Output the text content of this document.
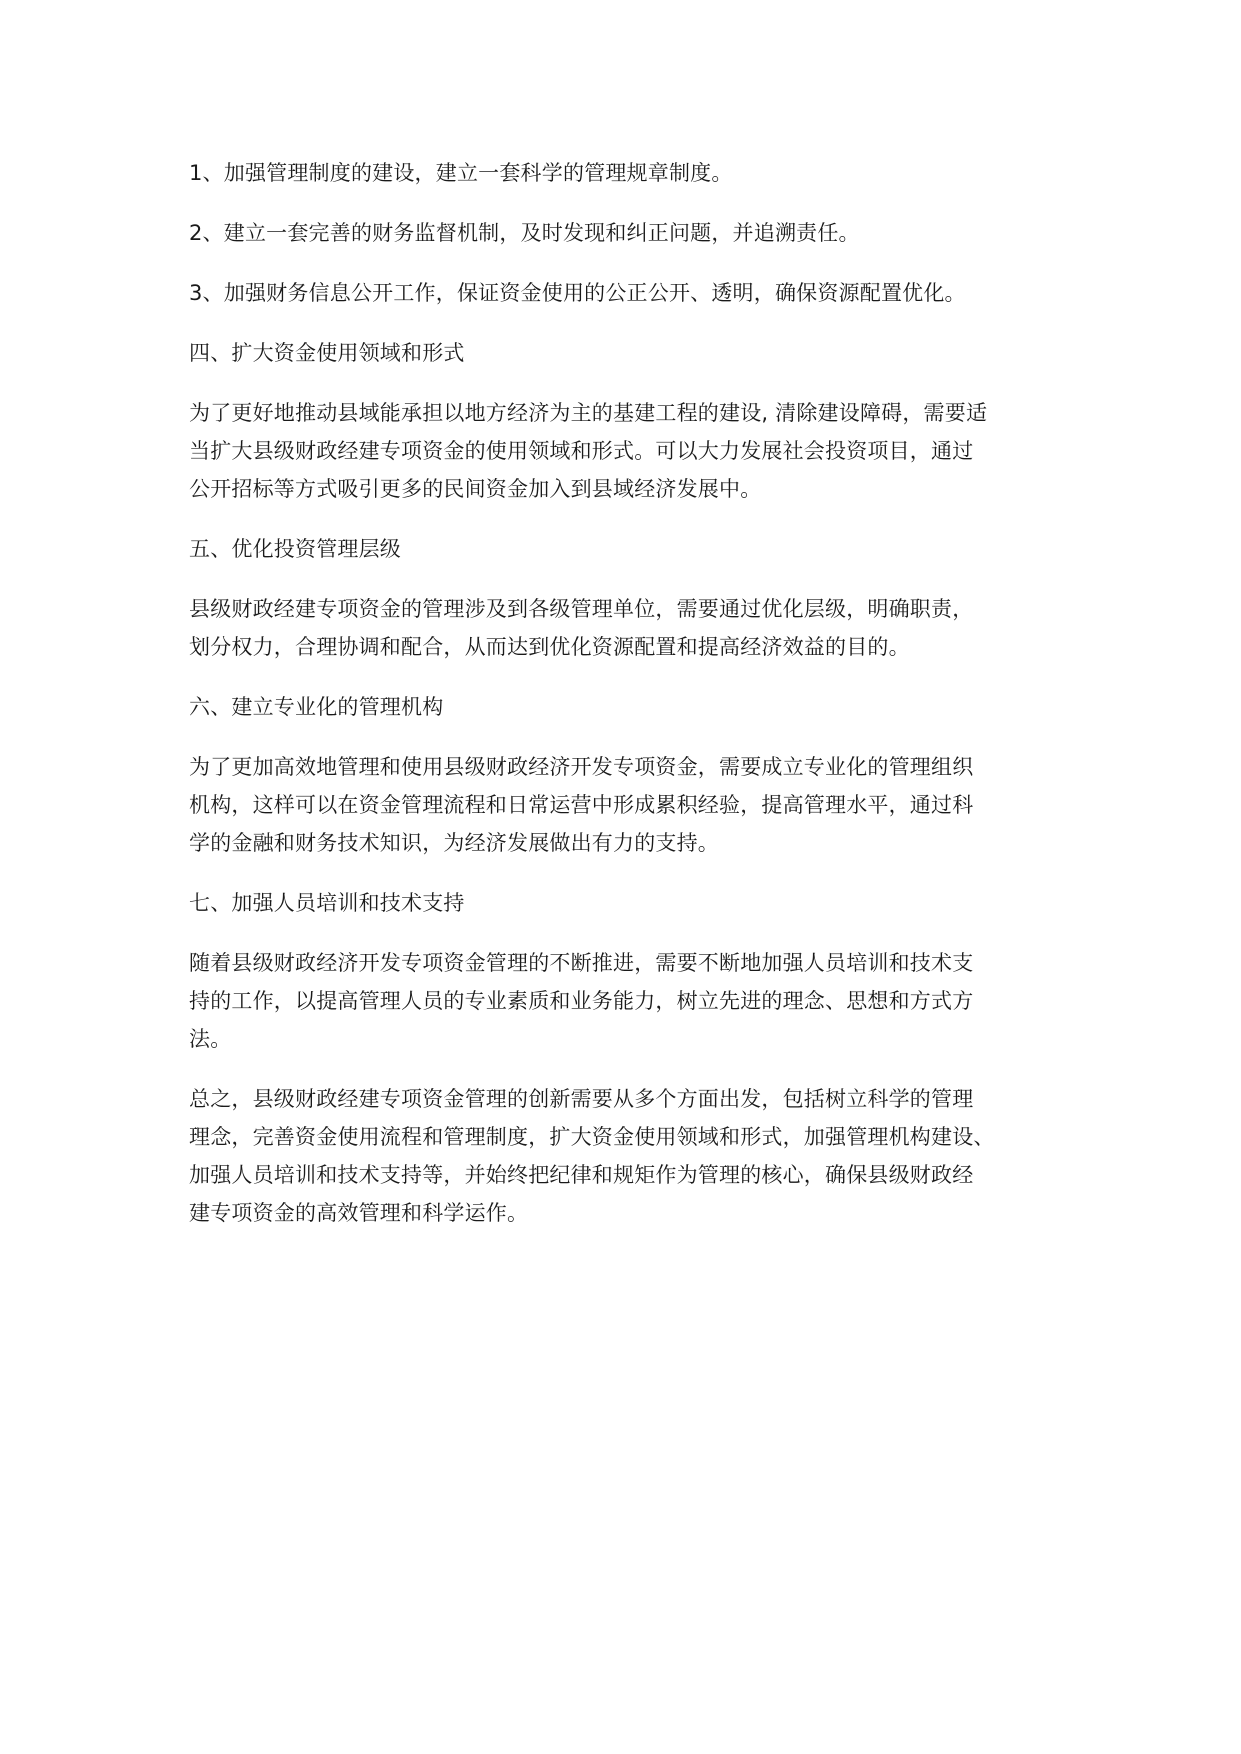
1、加强管理制度的建设，建立一套科学的管理规章制度。
2、建立一套完善的财务监督机制，及时发现和纠正问题，并追溯责任。
3、加强财务信息公开工作，保证资金使用的公正公开、透明，确保资源配置优化。
四、扩大资金使用领域和形式
为了更好地推动县域能承担以地方经济为主的基建工程的建设, 清除建设障碍，需要适
当扩大县级财政经建专项资金的使用领域和形式。可以大力发展社会投资项目，通过
公开招标等方式吸引更多的民间资金加入到县域经济发展中。
五、优化投资管理层级
县级财政经建专项资金的管理涉及到各级管理单位，需要通过优化层级，明确职责，
划分权力，合理协调和配合，从而达到优化资源配置和提高经济效益的目的。
六、建立专业化的管理机构
为了更加高效地管理和使用县级财政经济开发专项资金，需要成立专业化的管理组织
机构，这样可以在资金管理流程和日常运营中形成累积经验，提高管理水平，通过科
学的金融和财务技术知识，为经济发展做出有力的支持。
七、加强人员培训和技术支持
随着县级财政经济开发专项资金管理的不断推进，需要不断地加强人员培训和技术支
持的工作，以提高管理人员的专业素质和业务能力，树立先进的理念、思想和方式方
法。
总之，县级财政经建专项资金管理的创新需要从多个方面出发，包括树立科学的管理
理念，完善资金使用流程和管理制度，扩大资金使用领域和形式，加强管理机构建设、
加强人员培训和技术支持等，并始终把纪律和规矩作为管理的核心，确保县级财政经
建专项资金的高效管理和科学运作。
